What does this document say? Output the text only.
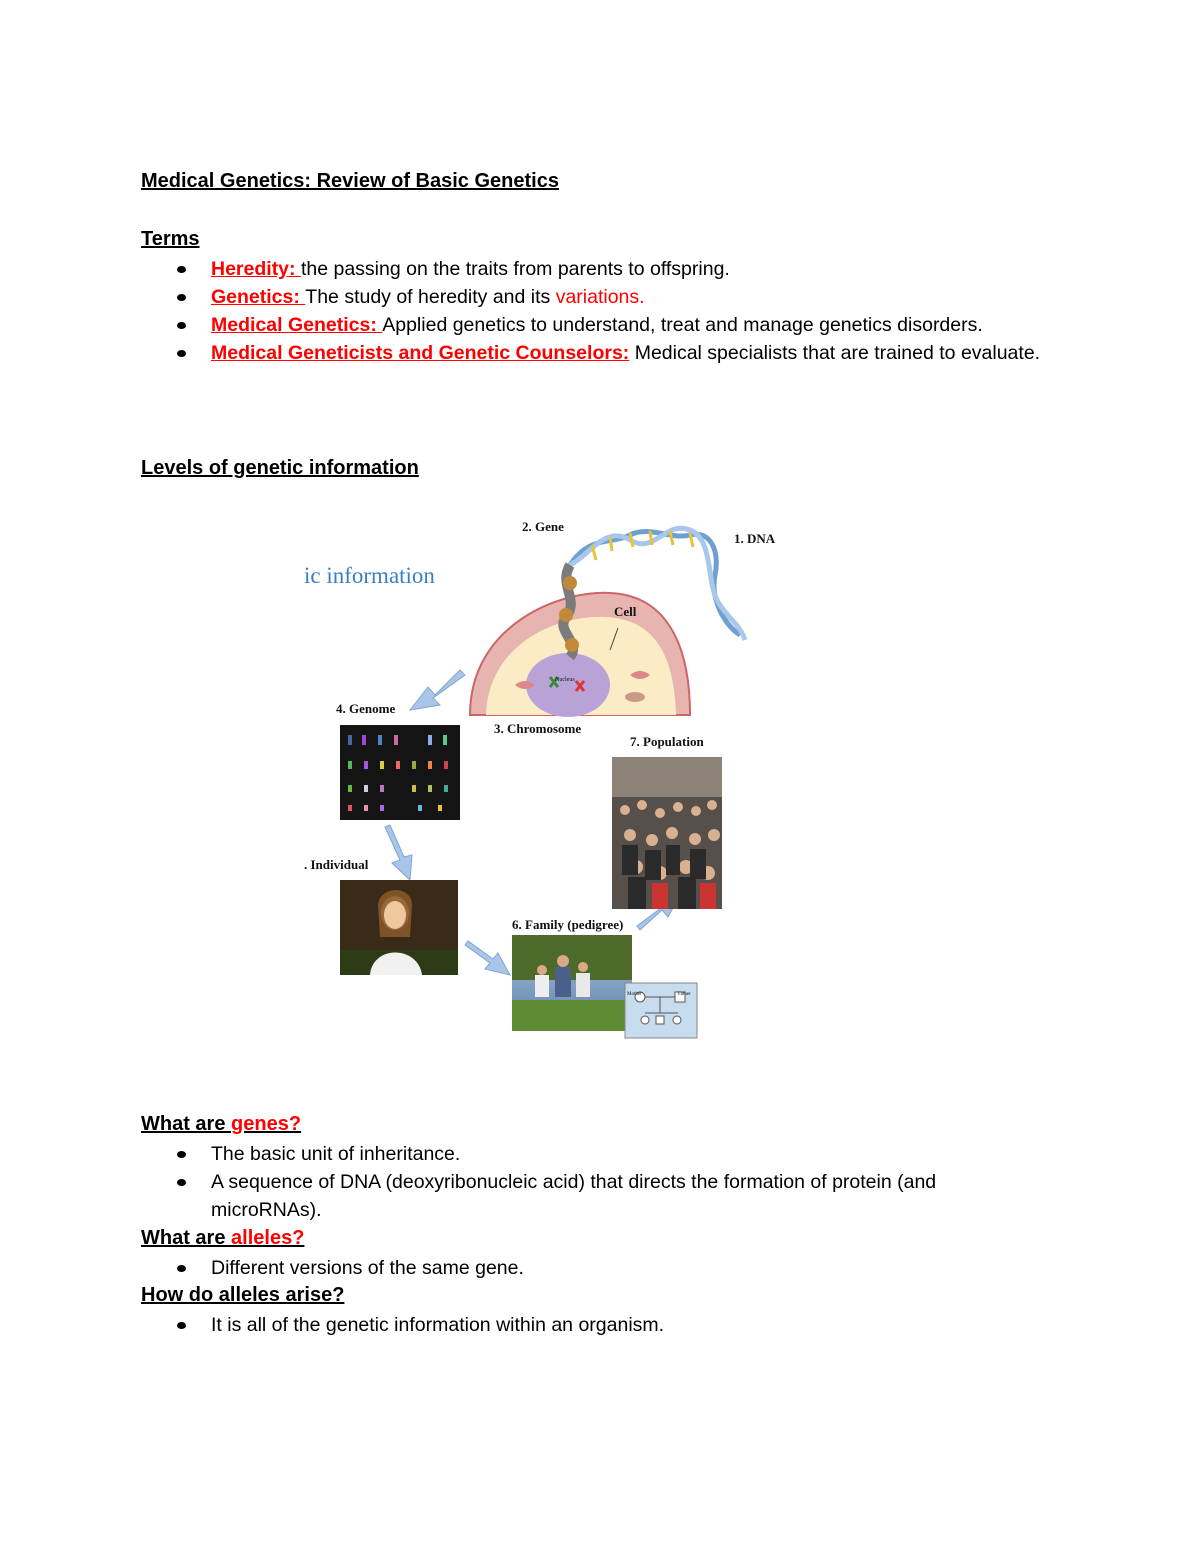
Medical Genetics: Review of Basic Genetics
Terms
Heredity: the passing on the traits from parents to offspring.
Genetics: The study of heredity and its variations.
Medical Genetics: Applied genetics to understand, treat and manage genetics disorders.
Medical Geneticists and Genetic Counselors: Medical specialists that are trained to evaluate.
Levels of genetic information
ic information
2. Gene
1. DNA
Cell
4. Genome
3. Chromosome
7. Population
. Individual
6. Family (pedigree)
Nucleus
Mother	Father
What are genes?
The basic unit of inheritance.
A sequence of DNA (deoxyribonucleic acid) that directs the formation of protein (and microRNAs).
What are alleles?
Different versions of the same gene.
How do alleles arise?
It is all of the genetic information within an organism.
